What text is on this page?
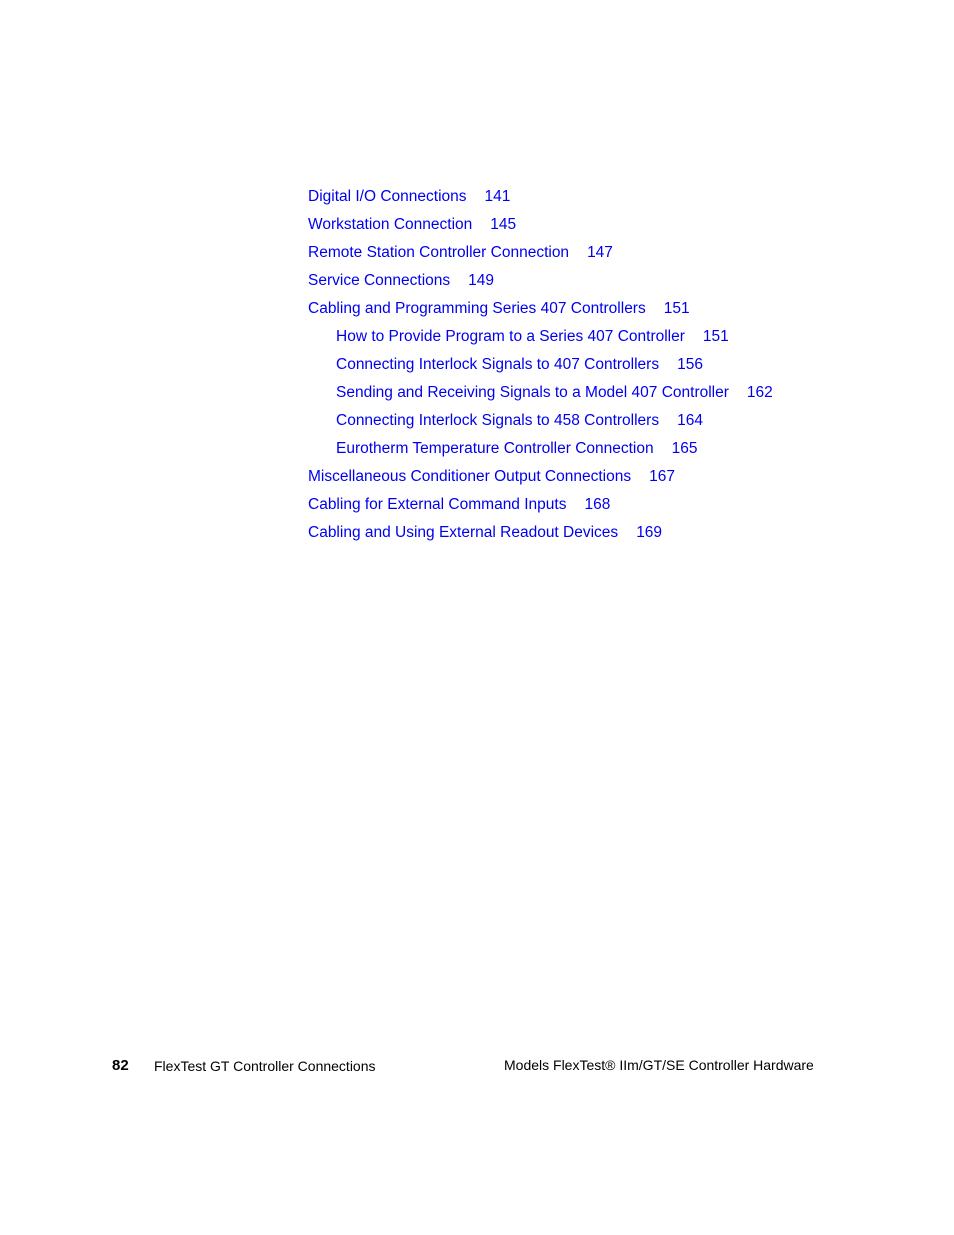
Digital I/O Connections 141
Workstation Connection 145
Remote Station Controller Connection 147
Service Connections 149
Cabling and Programming Series 407 Controllers 151
How to Provide Program to a Series 407 Controller 151
Connecting Interlock Signals to 407 Controllers 156
Sending and Receiving Signals to a Model 407 Controller 162
Connecting Interlock Signals to 458 Controllers 164
Eurotherm Temperature Controller Connection 165
Miscellaneous Conditioner Output Connections 167
Cabling for External Command Inputs 168
Cabling and Using External Readout Devices 169
82 FlexTest GT Controller Connections	Models FlexTest® IIm/GT/SE Controller Hardware
